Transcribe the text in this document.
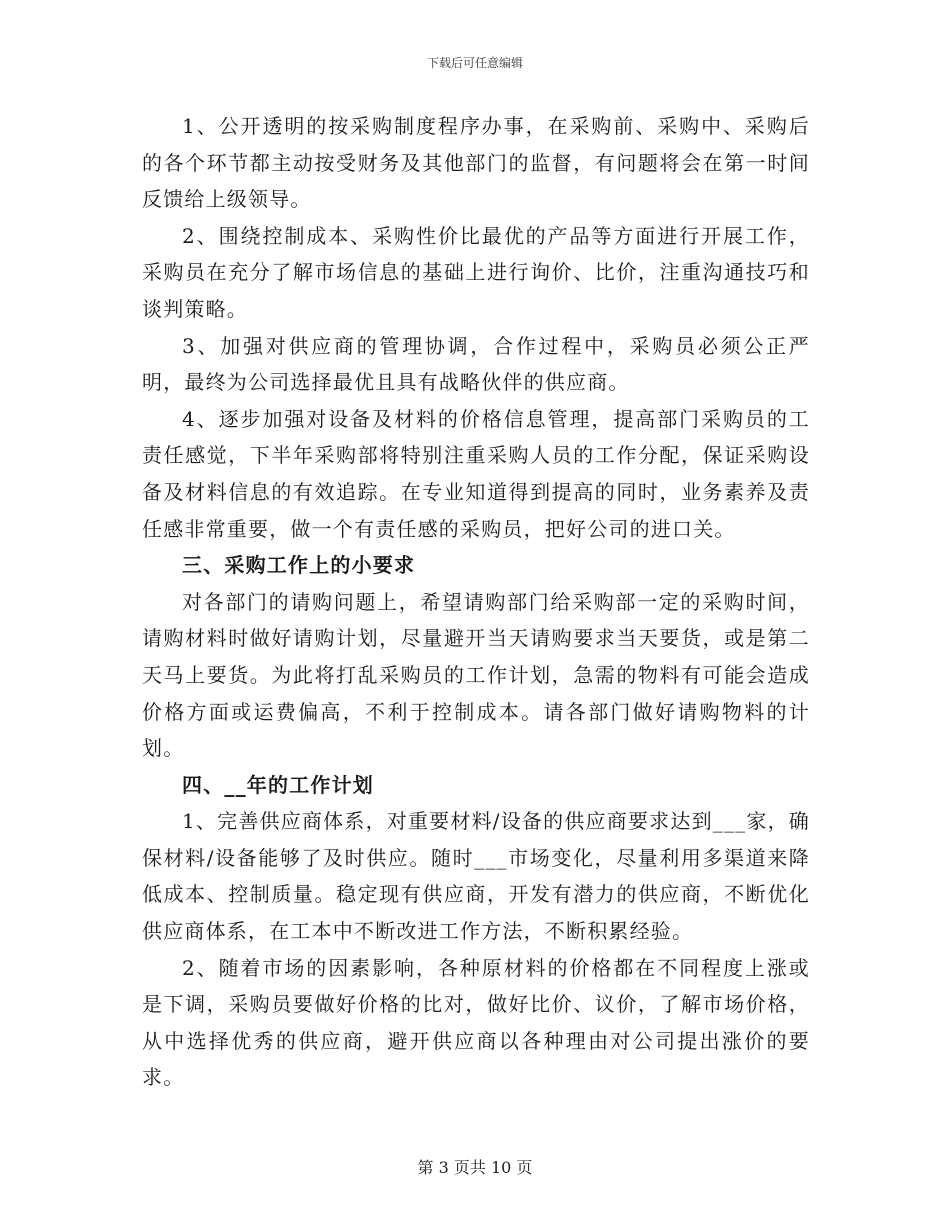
下载后可任意编辑

1、公开透明的按采购制度程序办事，在采购前、采购中、采购后的各个环节都主动按受财务及其他部门的监督，有问题将会在第一时间反馈给上级领导。

2、围绕控制成本、采购性价比最优的产品等方面进行开展工作，采购员在充分了解市场信息的基础上进行询价、比价，注重沟通技巧和谈判策略。

3、加强对供应商的管理协调，合作过程中，采购员必须公正严明，最终为公司选择最优且具有战略伙伴的供应商。

4、逐步加强对设备及材料的价格信息管理，提高部门采购员的工责任感觉，下半年采购部将特别注重采购人员的工作分配，保证采购设备及材料信息的有效追踪。在专业知道得到提高的同时，业务素养及责任感非常重要，做一个有责任感的采购员，把好公司的进口关。

三、采购工作上的小要求

对各部门的请购问题上，希望请购部门给采购部一定的采购时间，请购材料时做好请购计划，尽量避开当天请购要求当天要货，或是第二天马上要货。为此将打乱采购员的工作计划，急需的物料有可能会造成价格方面或运费偏高，不利于控制成本。请各部门做好请购物料的计划。

四、__年的工作计划

1、完善供应商体系，对重要材料/设备的供应商要求达到___家，确保材料/设备能够了及时供应。随时___市场变化，尽量利用多渠道来降低成本、控制质量。稳定现有供应商，开发有潜力的供应商，不断优化供应商体系，在工本中不断改进工作方法，不断积累经验。

2、随着市场的因素影响，各种原材料的价格都在不同程度上涨或是下调，采购员要做好价格的比对，做好比价、议价，了解市场价格，从中选择优秀的供应商，避开供应商以各种理由对公司提出涨价的要求。

第 3 页共 10 页
